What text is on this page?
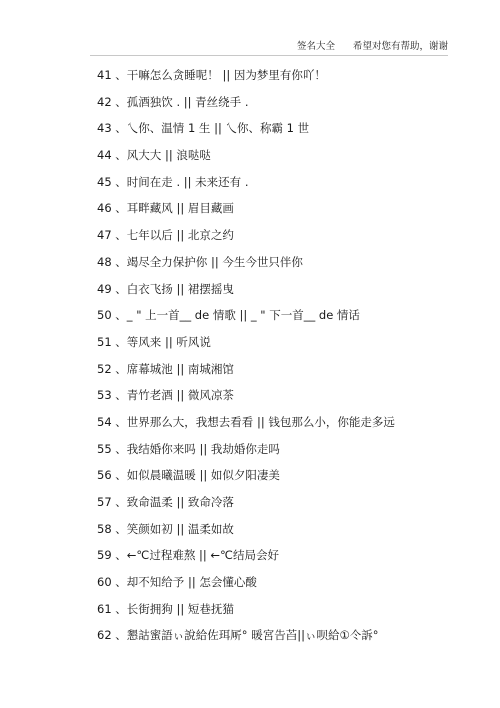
签名大全 希望对您有帮助，谢谢
41 、干嘛怎么贪睡呢！ || 因为梦里有你吖！
42 、孤酒独饮 . || 青丝绕手 .
43 、乀你、温情 1 生 || 乀你、称霸 1 世
44 、风大大 || 浪哒哒
45 、时间在走 . || 未来还有 .
46 、耳畔藏风 || 眉目藏画
47 、七年以后 || 北京之约
48 、竭尽全力保护你 || 今生今世只伴你
49 、白衣飞扬 || 裙摆摇曳
50 、_ " 上一首__ de 情歌 || _ " 下一首__ de 情话
51 、等风来 || 听风说
52 、席幕城池 || 南城湘馆
53 、青竹老酒 || 微风凉茶
54 、世界那么大，我想去看看 || 钱包那么小，你能走多远
55 、我结婚你来吗 || 我劫婚你走吗
56 、如似晨曦温暖 || 如似夕阳凄美
57 、致命温柔 || 致命冷落
58 、笑颜如初 || 温柔如故
59 、←℃过程难熬 || ←℃结局会好
60 、却不知给予 || 怎会懂心酸
61 、长街拥狗 || 短巷抚猫
62 、懇詁蜜語ぃ說給佐珥厛° 暖宮告苩||ぃ呗給①仒訴°
